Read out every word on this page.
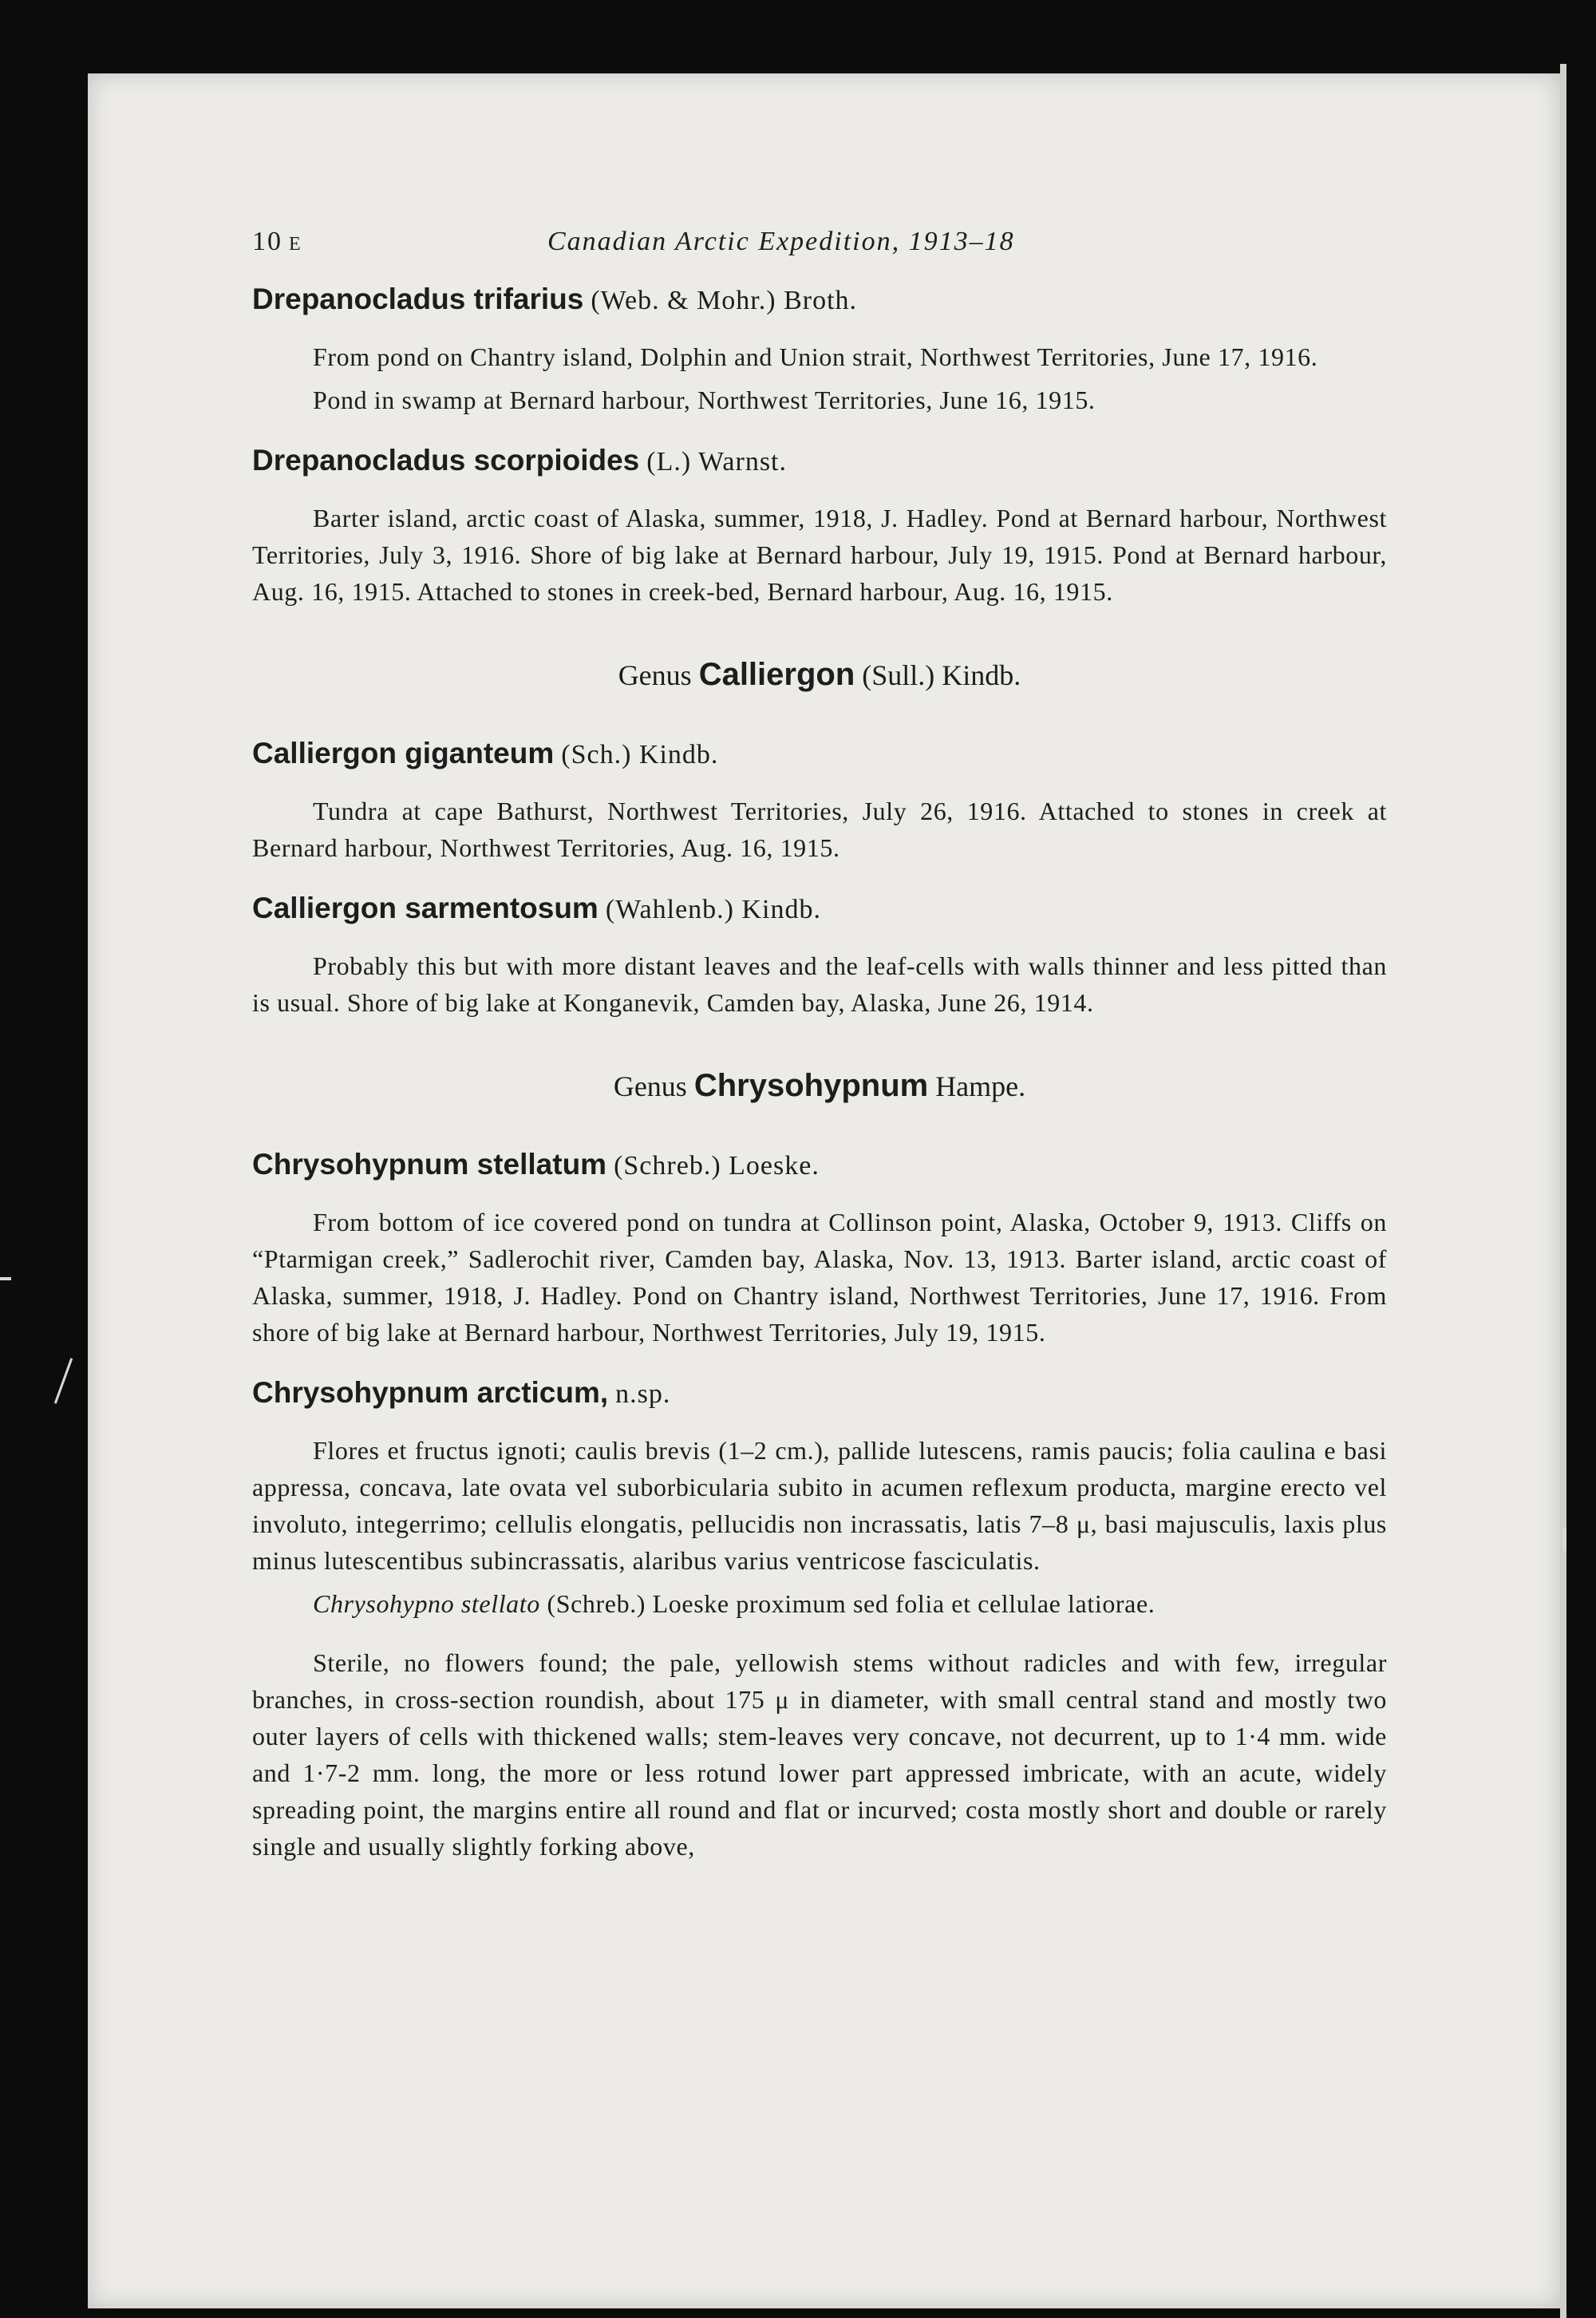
10 E	Canadian Arctic Expedition, 1913–18
Drepanocladus trifarius (Web. & Mohr.) Broth.

From pond on Chantry island, Dolphin and Union strait, Northwest Territories, June 17, 1916.

Pond in swamp at Bernard harbour, Northwest Territories, June 16, 1915.

Drepanocladus scorpioides (L.) Warnst.

Barter island, arctic coast of Alaska, summer, 1918, J. Hadley. Pond at Bernard harbour, Northwest Territories, July 3, 1916. Shore of big lake at Bernard harbour, July 19, 1915. Pond at Bernard harbour, Aug. 16, 1915. Attached to stones in creek-bed, Bernard harbour, Aug. 16, 1915.

Genus Calliergon (Sull.) Kindb.
Calliergon giganteum (Sch.) Kindb.

Tundra at cape Bathurst, Northwest Territories, July 26, 1916. Attached to stones in creek at Bernard harbour, Northwest Territories, Aug. 16, 1915.

Calliergon sarmentosum (Wahlenb.) Kindb.

Probably this but with more distant leaves and the leaf-cells with walls thinner and less pitted than is usual. Shore of big lake at Konganevik, Camden bay, Alaska, June 26, 1914.

Genus Chrysohypnum Hampe.
Chrysohypnum stellatum (Schreb.) Loeske.

From bottom of ice covered pond on tundra at Collinson point, Alaska, October 9, 1913. Cliffs on “Ptarmigan creek,” Sadlerochit river, Camden bay, Alaska, Nov. 13, 1913. Barter island, arctic coast of Alaska, summer, 1918, J. Hadley. Pond on Chantry island, Northwest Territories, June 17, 1916. From shore of big lake at Bernard harbour, Northwest Territories, July 19, 1915.

Chrysohypnum arcticum, n.sp.

Flores et fructus ignoti; caulis brevis (1–2 cm.), pallide lutescens, ramis paucis; folia caulina e basi appressa, concava, late ovata vel suborbicularia subito in acumen reflexum producta, margine erecto vel involuto, integerrimo; cellulis elongatis, pellucidis non incrassatis, latis 7–8 μ, basi majusculis, laxis plus minus lutescentibus subincrassatis, alaribus varius ventricose fasciculatis.

Chrysohypno stellato (Schreb.) Loeske proximum sed folia et cellulae latiorae.

Sterile, no flowers found; the pale, yellowish stems without radicles and with few, irregular branches, in cross-section roundish, about 175 μ in diameter, with small central stand and mostly two outer layers of cells with thickened walls; stem-leaves very concave, not decurrent, up to 1·4 mm. wide and 1·7-2 mm. long, the more or less rotund lower part appressed imbricate, with an acute, widely spreading point, the margins entire all round and flat or incurved; costa mostly short and double or rarely single and usually slightly forking above,
